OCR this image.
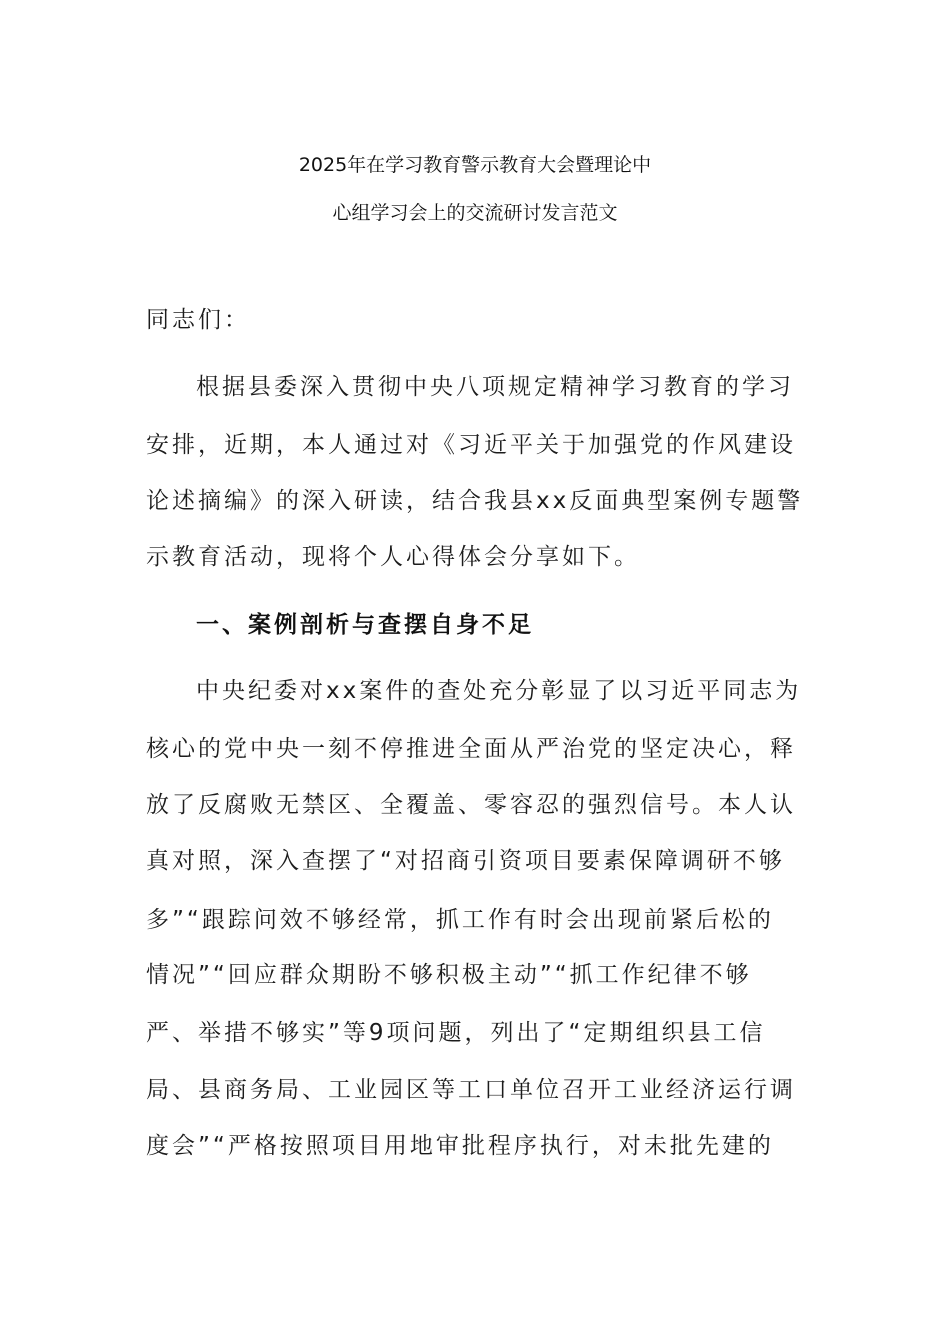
2025年在学习教育警示教育大会暨理论中
心组学习会上的交流研讨发言范文
同志们：
根据县委深入贯彻中央八项规定精神学习教育的学习
安排，近期，本人通过对《习近平关于加强党的作风建设
论述摘编》的深入研读，结合我县xx反面典型案例专题警
示教育活动，现将个人心得体会分享如下。
一、案例剖析与查摆自身不足
中央纪委对xx案件的查处充分彰显了以习近平同志为
核心的党中央一刻不停推进全面从严治党的坚定决心，释
放了反腐败无禁区、全覆盖、零容忍的强烈信号。本人认
真对照，深入查摆了“对招商引资项目要素保障调研不够
多”“跟踪问效不够经常，抓工作有时会出现前紧后松的
情况”“回应群众期盼不够积极主动”“抓工作纪律不够
严、举措不够实”等9项问题，列出了“定期组织县工信
局、县商务局、工业园区等工口单位召开工业经济运行调
度会”“严格按照项目用地审批程序执行，对未批先建的
